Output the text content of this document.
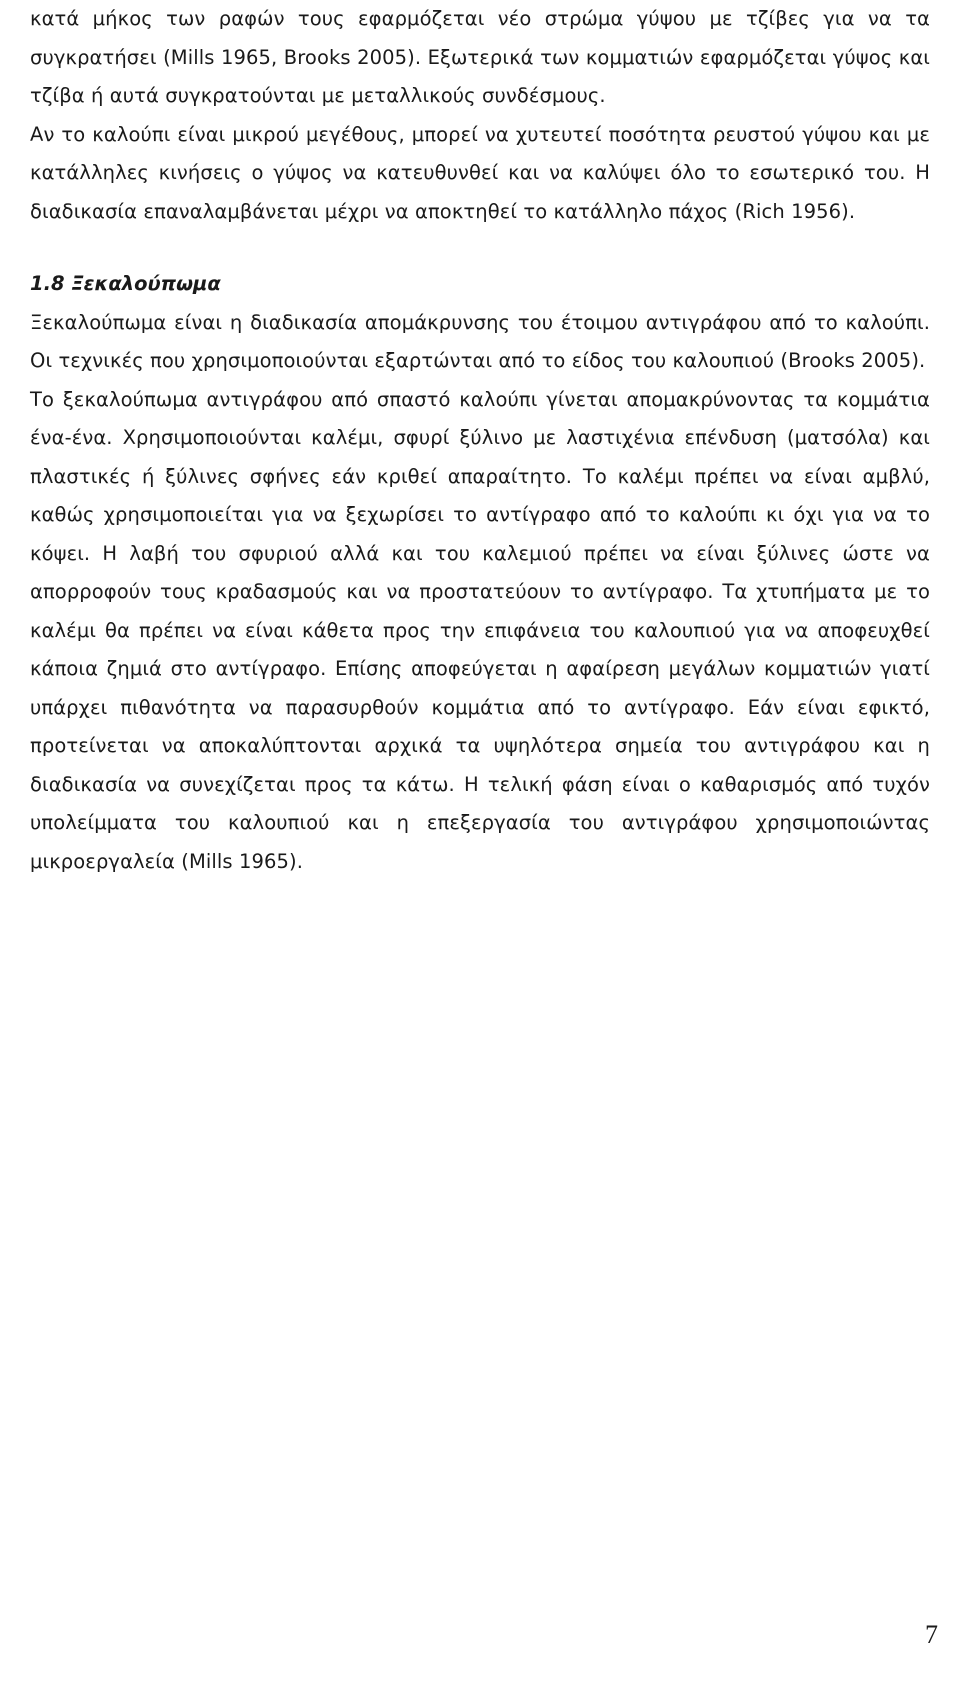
κατά μήκος των ραφών τους εφαρμόζεται νέο στρώμα γύψου με τζίβες για να τα συγκρατήσει (Mills 1965, Brooks 2005). Εξωτερικά των κομματιών εφαρμόζεται γύψος και τζίβα ή αυτά συγκρατούνται με μεταλλικούς συνδέσμους.

Αν το καλούπι είναι μικρού μεγέθους, μπορεί να χυτευτεί ποσότητα ρευστού γύψου και με κατάλληλες κινήσεις ο γύψος να κατευθυνθεί και να καλύψει όλο το εσωτερικό του. Η διαδικασία επαναλαμβάνεται μέχρι να αποκτηθεί το κατάλληλο πάχος (Rich 1956).

1.8 Ξεκαλούπωμα

Ξεκαλούπωμα είναι η διαδικασία απομάκρυνσης του έτοιμου αντιγράφου από το καλούπι. Οι τεχνικές που χρησιμοποιούνται εξαρτώνται από το είδος του καλουπιού (Brooks 2005).

Το ξεκαλούπωμα αντιγράφου από σπαστό καλούπι γίνεται απομακρύνοντας τα κομμάτια ένα-ένα. Χρησιμοποιούνται καλέμι, σφυρί ξύλινο με λαστιχένια επένδυση (ματσόλα) και πλαστικές ή ξύλινες σφήνες εάν κριθεί απαραίτητο. Το καλέμι πρέπει να είναι αμβλύ, καθώς χρησιμοποιείται για να ξεχωρίσει το αντίγραφο από το καλούπι κι όχι για να το κόψει. Η λαβή του σφυριού αλλά και του καλεμιού πρέπει να είναι ξύλινες ώστε να απορροφούν τους κραδασμούς και να προστατεύουν το αντίγραφο. Τα χτυπήματα με το καλέμι θα πρέπει να είναι κάθετα προς την επιφάνεια του καλουπιού για να αποφευχθεί κάποια ζημιά στο αντίγραφο. Επίσης αποφεύγεται η αφαίρεση μεγάλων κομματιών γιατί υπάρχει πιθανότητα να παρασυρθούν κομμάτια από το αντίγραφο. Εάν είναι εφικτό, προτείνεται να αποκαλύπτονται αρχικά τα υψηλότερα σημεία του αντιγράφου και η διαδικασία να συνεχίζεται προς τα κάτω. Η τελική φάση είναι ο καθαρισμός από τυχόν υπολείμματα του καλουπιού και η επεξεργασία του αντιγράφου χρησιμοποιώντας μικροεργαλεία (Mills 1965).

7
